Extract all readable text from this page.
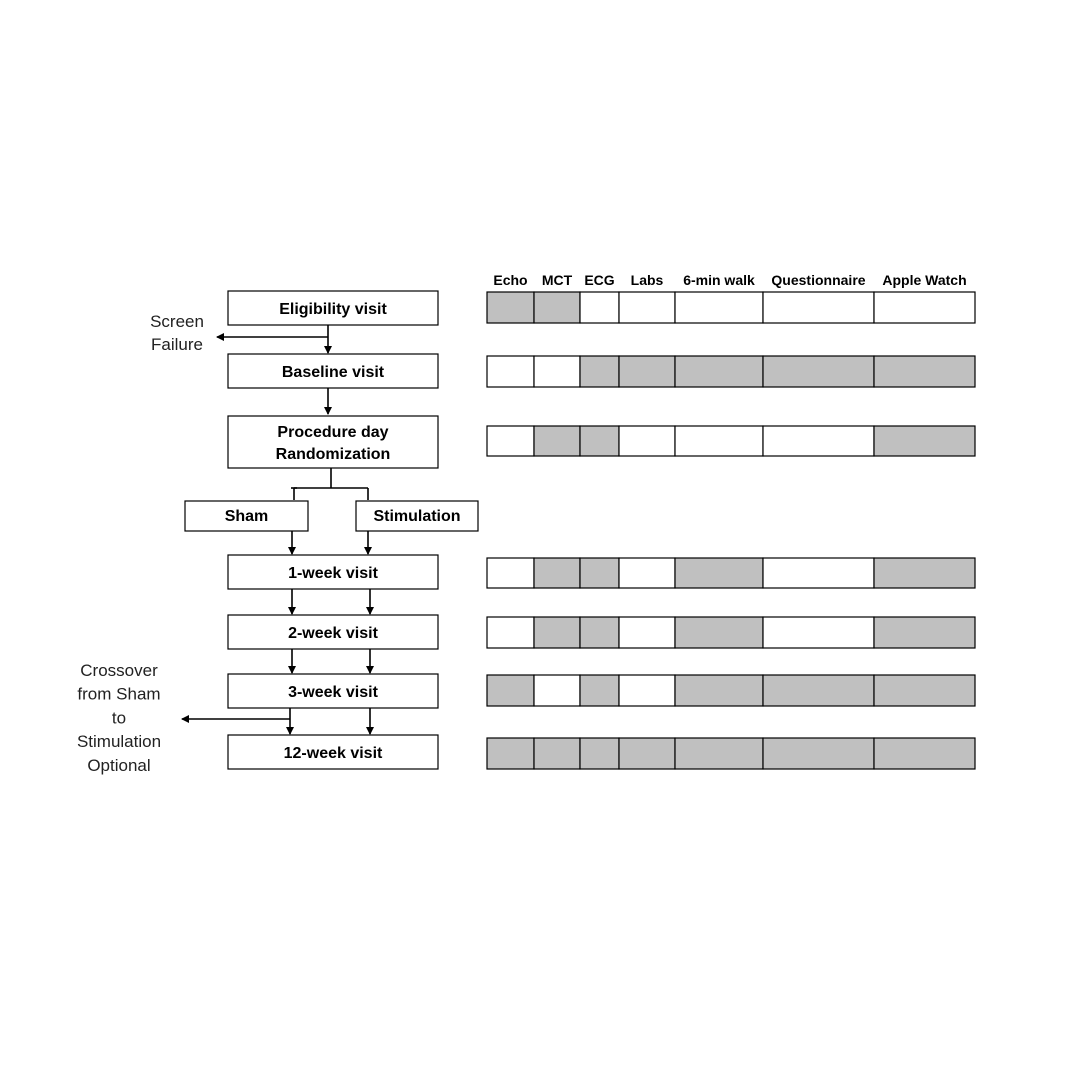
Eligibility visit
Baseline visit
Procedure day
Randomization
1-week visit
2-week visit
3-week visit
12-week visit
Sham	Stimulation
Echo MCT ECG Labs 6-min walk Questionnaire Apple Watch
Screen
Failure
Crossover
from Sham
to
Stimulation
Optional
